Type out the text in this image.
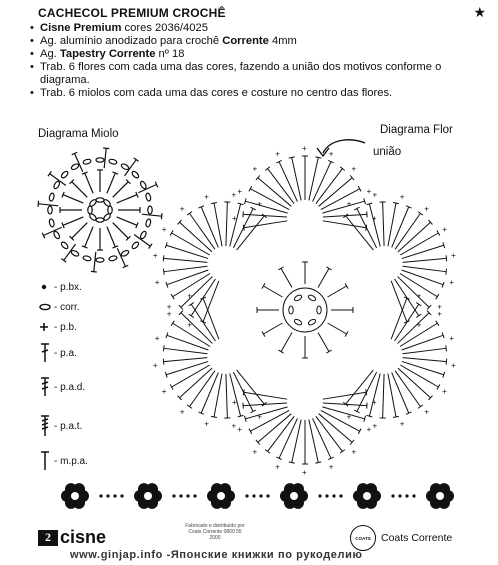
CACHECOL PREMIUM CROCHÊ	★
• Cisne Premium cores 2036/4025
• Ag. alumínio anodizado para crochê Corrente 4mm
• Ag. Tapestry Corrente nº 18
• Trab. 6 flores com cada uma das cores, fazendo a união dos motivos conforme o diagrama.
• Trab. 6 miolos com cada uma das cores e costure no centro das flores.
Diagrama Miolo	Diagrama Flor
união
+
+
+
+
+
+
+
+
+
+
+	+
+
+
+
+
+
+
+
+
+
+
+
+
+
+
+
+
+
+
+
+
+
+
+
+
+
+
+
+
+
+
+
+
+
+
+
+
+
+
+
+	+
+
- p.bx.
- corr.
- p.b.
- p.a.
- p.a.d.
- p.a.t.
- m.p.a.
2 cisne
Fabricado e distribuído por Coats Corrente 0800 55 2000	COATS Coats Corrente
www.ginjap.info -Японские книжки по рукоделию
